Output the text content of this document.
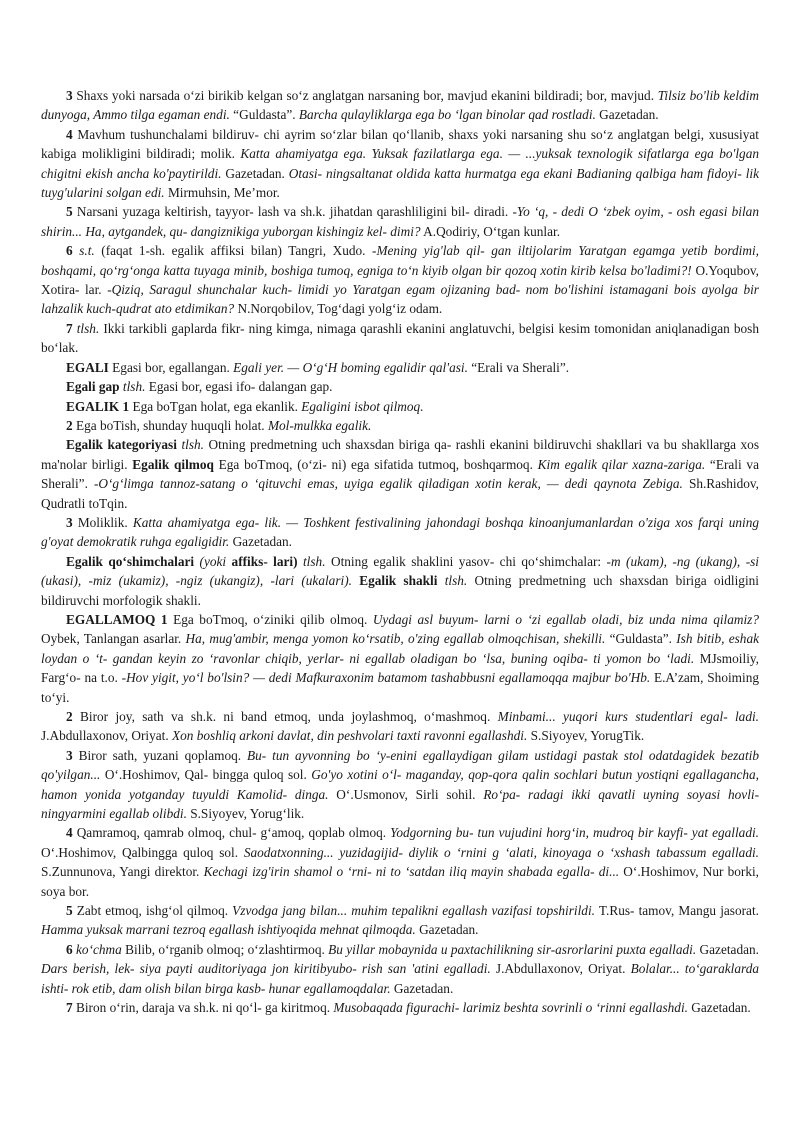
3 Shaxs yoki narsada o‘zi birikib kelgan so‘z anglatgan narsaning bor, mavjud ekanini bildiradi; bor, mavjud. Tilsiz bo'lib keldim dunyoga, Ammo tilga egaman endi. “Guldasta”. Barcha qulayliklarga ega bo ‘lgan binolar qad rostladi. Gazetadan.

4 Mavhum tushunchalami bildiruv- chi ayrim so‘zlar bilan qo‘llanib, shaxs yoki narsaning shu so‘z anglatgan belgi, xususiyat kabiga molikligini bildiradi; molik. Katta ahamiyatga ega. Yuksak fazilatlarga ega. — ...yuksak texnologik sifatlarga ega bo'lgan chigitni ekish ancha ko'paytirildi. Gazetadan. Otasi- ningsaltanat oldida katta hurmatga ega ekani Badianing qalbiga ham fidoyi- lik tuyg'ularini solgan edi. Mirmuhsin, Me’mor.

5 Narsani yuzaga keltirish, tayyor- lash va sh.k. jihatdan qarashliligini bil- diradi. -Yo ‘q, - dedi O ‘zbek oyim, - osh egasi bilan shirin... Ha, aytgandek, qu- dangiznikiga yuborgan kishingiz kel- dimi? A.Qodiriy, O‘tgan kunlar.

6 s.t. (faqat 1-sh. egalik affiksi bilan) Tangri, Xudo. -Mening yig'lab qil- gan iltijolarim Yaratgan egamga yetib bordimi, boshqami, qo‘rg‘onga katta tuyaga minib, boshiga tumoq, egniga to‘n kiyib olgan bir qozoq xotin kirib kelsa bo'ladimi?! O.Yoqubov, Xotira- lar. -Qiziq, Saragul shunchalar kuch- limidi yo Yaratgan egam ojizaning bad- nom bo'lishini istamagani bois ayolga bir lahzalik kuch-qudrat ato etdimikan? N.Norqobilov, Tog‘dagi yolg‘iz odam.

7 tlsh. Ikki tarkibli gaplarda fikr- ning kimga, nimaga qarashli ekanini anglatuvchi, belgisi kesim tomonidan aniqlanadigan bosh bo‘lak.

EGALI Egasi bor, egallangan. Egali yer. — O‘g‘H boming egalidir qal'asi. “Erali va Sherali”.

Egali gap tlsh. Egasi bor, egasi ifo- dalangan gap.

EGALIK 1 Ega boTgan holat, ega ekanlik. Egaligini isbot qilmoq.

2 Ega boTish, shunday huquqli holat. Mol-mulkka egalik.

Egalik kategoriyasi tlsh. Otning predmetning uch shaxsdan biriga qa- rashli ekanini bildiruvchi shakllari va bu shakllarga xos ma'nolar birligi. Egalik qilmoq Ega boTmoq, (o‘zi- ni) ega sifatida tutmoq, boshqarmoq. Kim egalik qilar xazna-zariga. “Erali va Sherali”. -O‘g‘limga tannoz-satang o ‘qituvchi emas, uyiga egalik qiladigan xotin kerak, — dedi qaynota Zebiga. Sh.Rashidov, Qudratli toTqin.

3 Moliklik. Katta ahamiyatga ega- lik. — Toshkent festivalining jahondagi boshqa kinoanjumanlardan o'ziga xos farqi uning g'oyat demokratik ruhga egaligidir. Gazetadan.

Egalik qo‘shimchalari (yoki affiks- lari) tlsh. Otning egalik shaklini yasov- chi qo‘shimchalar: -m (ukam), -ng (ukang), -si (ukasi), -miz (ukamiz), -ngiz (ukangiz), -lari (ukalari). Egalik shakli tlsh. Otning predmetning uch shaxsdan biriga oidligini bildiruvchi morfologik shakli.

EGALLAMOQ 1 Ega boTmoq, o‘ziniki qilib olmoq. Uydagi asl buyum- larni o ‘zi egallab oladi, biz unda nima qilamiz? Oybek, Tanlangan asarlar. Ha, mug'ambir, menga yomon ko‘rsatib, o'zing egallab olmoqchisan, shekilli. “Guldasta”. Ish bitib, eshak loydan o ‘t- gandan keyin zo ‘ravonlar chiqib, yerlar- ni egallab oladigan bo ‘lsa, buning oqiba- ti yomon bo ‘ladi. MJsmoiliy, Farg‘o- na t.o. -Hov yigit, yo‘l bo'lsin? — dedi Mafkuraxonim batamom tashabbusni egallamoqqa majbur bo'Hb. E.A’zam, Shoiming to‘yi.

2 Biror joy, sath va sh.k. ni band etmoq, unda joylashmoq, o‘mashmoq. Minbami... yuqori kurs studentlari egal- ladi. J.Abdullaxonov, Oriyat. Xon boshliq arkoni davlat, din peshvolari taxti ravonni egallashdi. S.Siyoyev, YorugTik.

3 Biror sath, yuzani qoplamoq. Bu- tun ayvonning bo ‘y-enini egallaydigan gilam ustidagi pastak stol odatdagidek bezatib qo'yilgan... O‘.Hoshimov, Qal- bingga quloq sol. Go'yo xotini o‘l- maganday, qop-qora qalin sochlari butun yostiqni egallagancha, hamon yonida yotganday tuyuldi Kamolid- dinga. O‘.Usmonov, Sirli sohil. Ro‘pa- radagi ikki qavatli uyning soyasi hovli- ningyarmini egallab olibdi. S.Siyoyev, Yorug‘lik.

4 Qamramoq, qamrab olmoq, chul- g‘amoq, qoplab olmoq. Yodgorning bu- tun vujudini horg‘in, mudroq bir kayfi- yat egalladi. O‘.Hoshimov, Qalbingga quloq sol. Saodatxonning... yuzidagijid- diylik o ‘rnini g ‘alati, kinoyaga o ‘xshash tabassum egalladi. S.Zunnunova, Yangi direktor. Kechagi izg'irin shamol o ‘rni- ni to ‘satdan iliq mayin shabada egalla- di... O‘.Hoshimov, Nur borki, soya bor.

5 Zabt etmoq, ishg‘ol qilmoq. Vzvodga jang bilan... muhim tepalikni egallash vazifasi topshirildi. T.Rus- tamov, Mangu jasorat. Hamma yuksak marrani tezroq egallash ishtiyoqida mehnat qilmoqda. Gazetadan.

6 ko‘chma Bilib, o‘rganib olmoq; o‘zlashtirmoq. Bu yillar mobaynida u paxtachilikning sir-asrorlarini puxta egalladi. Gazetadan. Dars berish, lek- siya payti auditoriyaga jon kiritibyubo- rish san 'atini egalladi. J.Abdullaxonov, Oriyat. Bolalar... to‘garaklarda ishti- rok etib, dam olish bilan birga kasb- hunar egallamoqdalar. Gazetadan.

7 Biron o‘rin, daraja va sh.k. ni qo‘l- ga kiritmoq. Musobaqada figurachi- larimiz beshta sovrinli o ‘rinni egallashdi. Gazetadan.
